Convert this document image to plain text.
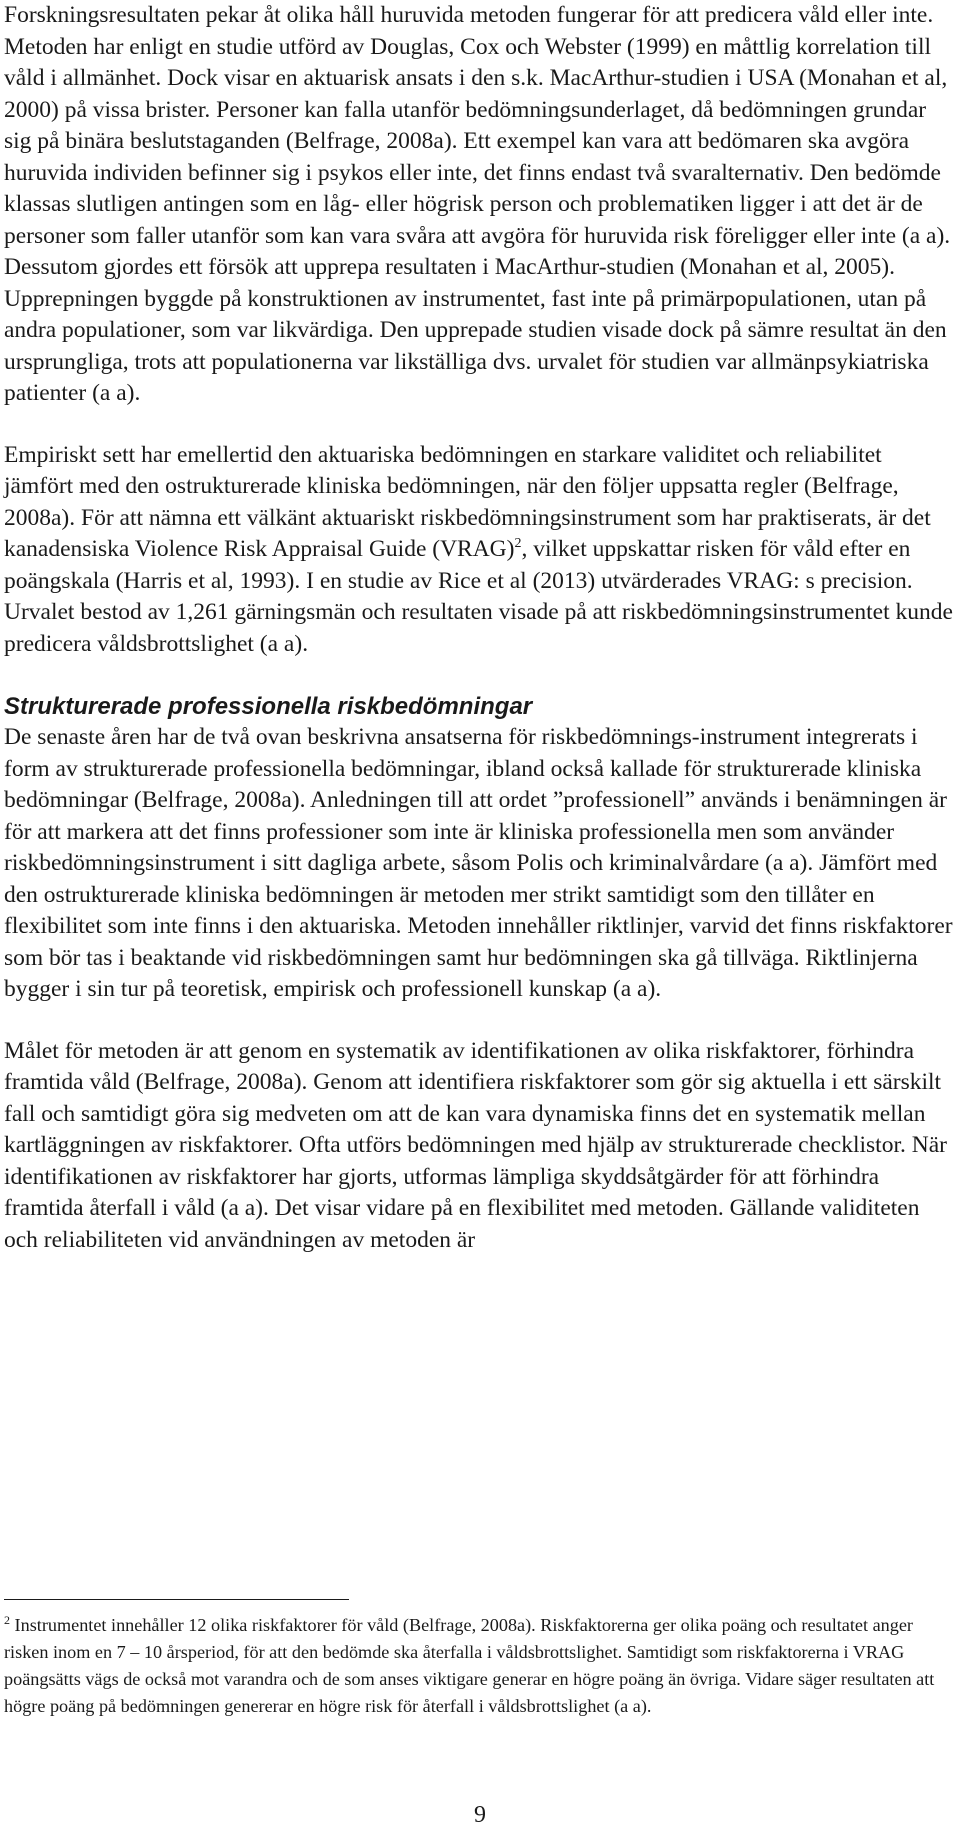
Forskningsresultaten pekar åt olika håll huruvida metoden fungerar för att predicera våld eller inte. Metoden har enligt en studie utförd av Douglas, Cox och Webster (1999) en måttlig korrelation till våld i allmänhet. Dock visar en aktuarisk ansats i den s.k. MacArthur-studien i USA (Monahan et al, 2000) på vissa brister. Personer kan falla utanför bedömningsunderlaget, då bedömningen grundar sig på binära beslutstaganden (Belfrage, 2008a). Ett exempel kan vara att bedömaren ska avgöra huruvida individen befinner sig i psykos eller inte, det finns endast två svaralternativ. Den bedömde klassas slutligen antingen som en låg- eller högrisk person och problematiken ligger i att det är de personer som faller utanför som kan vara svåra att avgöra för huruvida risk föreligger eller inte (a a). Dessutom gjordes ett försök att upprepa resultaten i MacArthur-studien (Monahan et al, 2005). Upprepningen byggde på konstruktionen av instrumentet, fast inte på primärpopulationen, utan på andra populationer, som var likvärdiga. Den upprepade studien visade dock på sämre resultat än den ursprungliga, trots att populationerna var likställiga dvs. urvalet för studien var allmänpsykiatriska patienter (a a).

Empiriskt sett har emellertid den aktuariska bedömningen en starkare validitet och reliabilitet jämfört med den ostrukturerade kliniska bedömningen, när den följer uppsatta regler (Belfrage, 2008a). För att nämna ett välkänt aktuariskt riskbedömningsinstrument som har praktiserats, är det kanadensiska Violence Risk Appraisal Guide (VRAG)$^2$, vilket uppskattar risken för våld efter en poängskala (Harris et al, 1993). I en studie av Rice et al (2013) utvärderades VRAG: s precision. Urvalet bestod av 1,261 gärningsmän och resultaten visade på att riskbedömningsinstrumentet kunde predicera våldsbrottslighet (a a).

Strukturerade professionella riskbedömningar

De senaste åren har de två ovan beskrivna ansatserna för riskbedömnings-instrument integrerats i form av strukturerade professionella bedömningar, ibland också kallade för strukturerade kliniska bedömningar (Belfrage, 2008a). Anledningen till att ordet ”professionell” används i benämningen är för att markera att det finns professioner som inte är kliniska professionella men som använder riskbedömningsinstrument i sitt dagliga arbete, såsom Polis och kriminalvårdare (a a). Jämfört med den ostrukturerade kliniska bedömningen är metoden mer strikt samtidigt som den tillåter en flexibilitet som inte finns i den aktuariska. Metoden innehåller riktlinjer, varvid det finns riskfaktorer som bör tas i beaktande vid riskbedömningen samt hur bedömningen ska gå tillväga. Riktlinjerna bygger i sin tur på teoretisk, empirisk och professionell kunskap (a a).

Målet för metoden är att genom en systematik av identifikationen av olika riskfaktorer, förhindra framtida våld (Belfrage, 2008a). Genom att identifiera riskfaktorer som gör sig aktuella i ett särskilt fall och samtidigt göra sig medveten om att de kan vara dynamiska finns det en systematik mellan kartläggningen av riskfaktorer. Ofta utförs bedömningen med hjälp av strukturerade checklistor. När identifikationen av riskfaktorer har gjorts, utformas lämpliga skyddsåtgärder för att förhindra framtida återfall i våld (a a). Det visar vidare på en flexibilitet med metoden. Gällande validiteten och reliabiliteten vid användningen av metoden är

$^2$ Instrumentet innehåller 12 olika riskfaktorer för våld (Belfrage, 2008a). Riskfaktorerna ger olika poäng och resultatet anger risken inom en 7 – 10 årsperiod, för att den bedömde ska återfalla i våldsbrottslighet. Samtidigt som riskfaktorerna i VRAG poängsätts vägs de också mot varandra och de som anses viktigare generar en högre poäng än övriga. Vidare säger resultaten att högre poäng på bedömningen genererar en högre risk för återfall i våldsbrottslighet (a a).

9
